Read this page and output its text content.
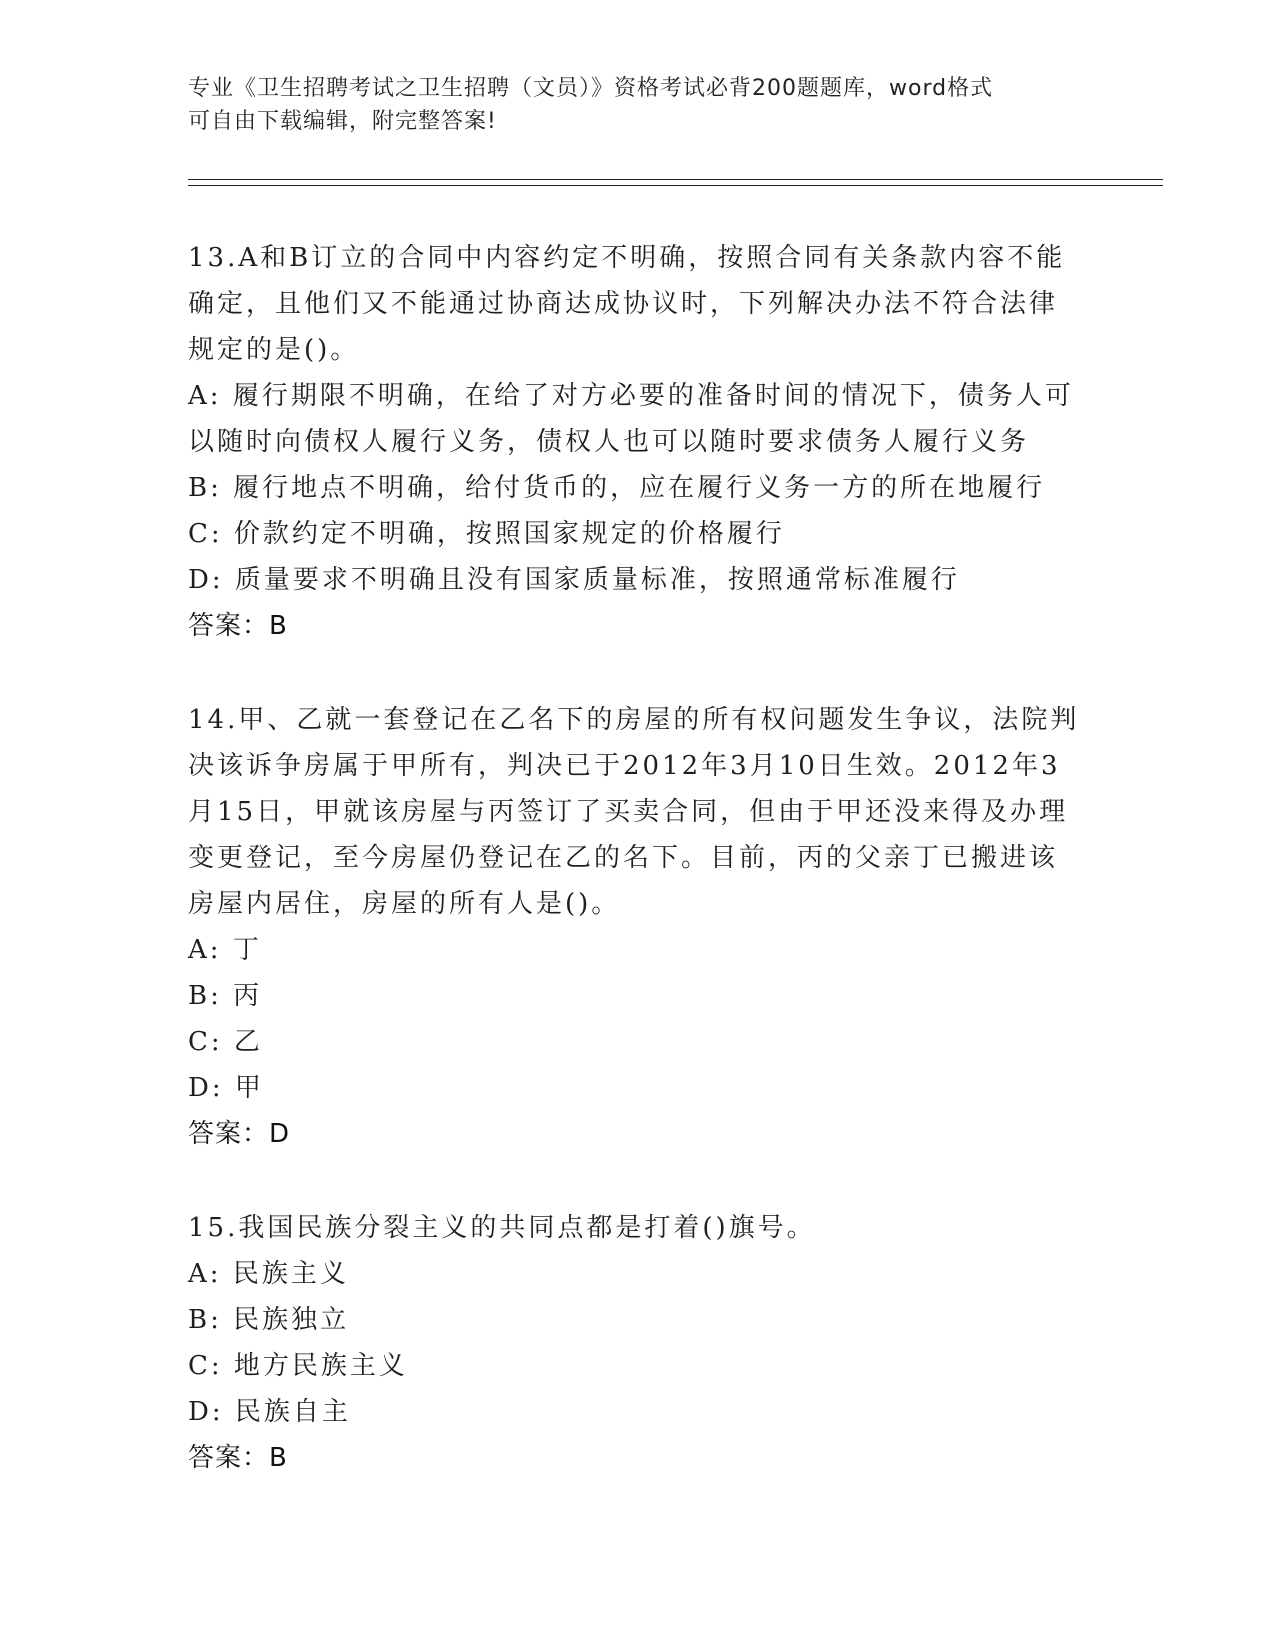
专业《卫生招聘考试之卫生招聘（文员）》资格考试必背200题题库，word格式
可自由下载编辑，附完整答案!
13.A和B订立的合同中内容约定不明确，按照合同有关条款内容不能
确定，且他们又不能通过协商达成协议时，下列解决办法不符合法律
规定的是()。
A: 履行期限不明确，在给了对方必要的准备时间的情况下，债务人可
以随时向债权人履行义务，债权人也可以随时要求债务人履行义务
B: 履行地点不明确，给付货币的，应在履行义务一方的所在地履行
C: 价款约定不明确，按照国家规定的价格履行
D: 质量要求不明确且没有国家质量标准，按照通常标准履行
答案：B
14.甲、乙就一套登记在乙名下的房屋的所有权问题发生争议，法院判
决该诉争房属于甲所有，判决已于2012年3月10日生效。2012年3
月15日，甲就该房屋与丙签订了买卖合同，但由于甲还没来得及办理
变更登记，至今房屋仍登记在乙的名下。目前，丙的父亲丁已搬进该
房屋内居住，房屋的所有人是()。
A: 丁
B: 丙
C: 乙
D: 甲
答案：D
15.我国民族分裂主义的共同点都是打着()旗号。
A: 民族主义
B: 民族独立
C: 地方民族主义
D: 民族自主
答案：B
